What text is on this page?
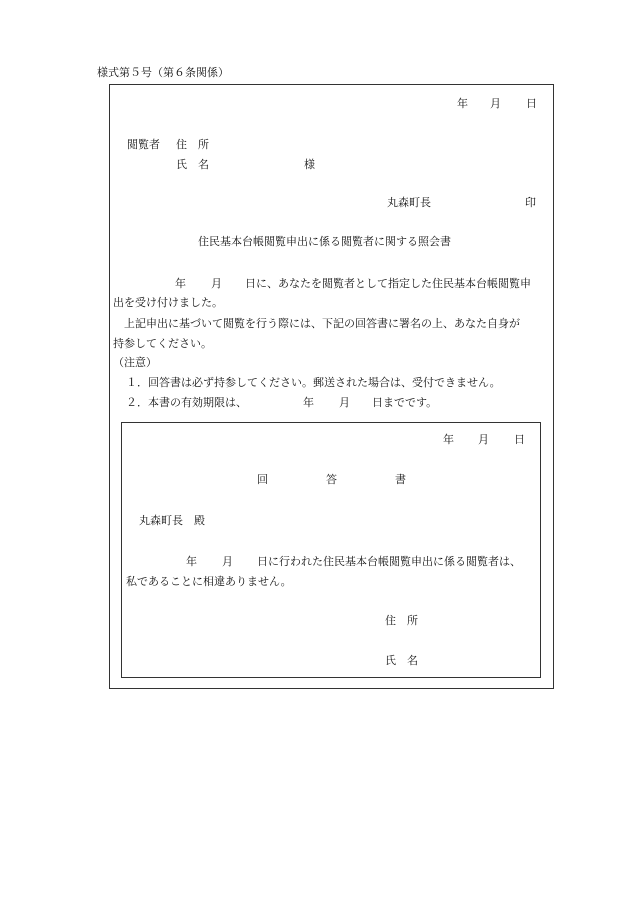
様式第５号（第６条関係）
年 月 日
閲覧者 住　所
氏　名	様
丸森町長	印
住民基本台帳閲覧申出に係る閲覧者に関する照会書
年 月 日に、あなたを閲覧者として指定した住民基本台帳閲覧申
出を受け付けました。
上記申出に基づいて閲覧を行う際には、下記の回答書に署名の上、あなた自身が
持参してください。
（注意）
１．回答書は必ず持参してください。郵送された場合は、受付できません。
２．本書の有効期限は、	年 月 日までです。
年 月 日
回	答	書
丸森町長　殿
年 月 日に行われた住民基本台帳閲覧申出に係る閲覧者は、
私であることに相違ありません。
住　所
氏　名
